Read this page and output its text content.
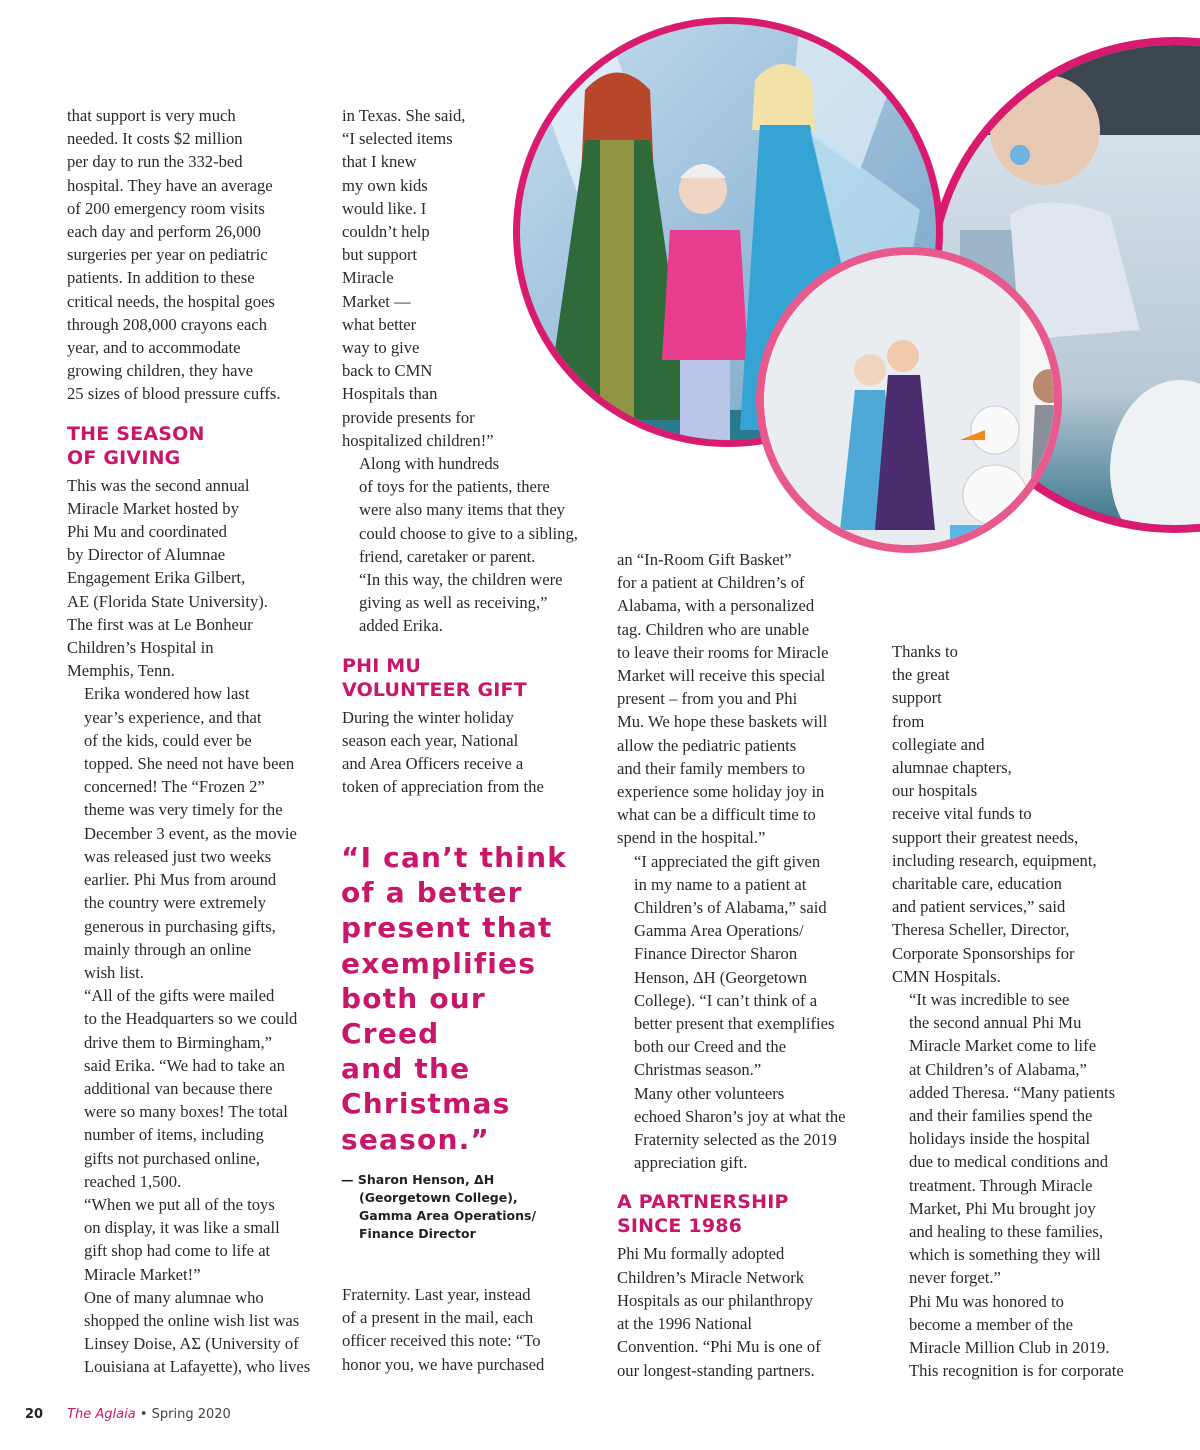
that support is very much
needed. It costs $2 million
per day to run the 332-bed
hospital. They have an average
of 200 emergency room visits
each day and perform 26,000
surgeries per year on pediatric
patients. In addition to these
critical needs, the hospital goes
through 208,000 crayons each
year, and to accommodate
growing children, they have
25 sizes of blood pressure cuffs.

THE SEASON
OF GIVING

This was the second annual
Miracle Market hosted by
Phi Mu and coordinated
by Director of Alumnae
Engagement Erika Gilbert,
AE (Florida State University).
The first was at Le Bonheur
Children’s Hospital in
Memphis, Tenn.

Erika wondered how last
year’s experience, and that
of the kids, could ever be
topped. She need not have been
concerned! The “Frozen 2”
theme was very timely for the
December 3 event, as the movie
was released just two weeks
earlier. Phi Mus from around
the country were extremely
generous in purchasing gifts,
mainly through an online
wish list.

“All of the gifts were mailed
to the Headquarters so we could
drive them to Birmingham,”
said Erika. “We had to take an
additional van because there
were so many boxes! The total
number of items, including
gifts not purchased online,
reached 1,500.

“When we put all of the toys
on display, it was like a small
gift shop had come to life at
Miracle Market!”

One of many alumnae who
shopped the online wish list was
Linsey Doise, AΣ (University of
Louisiana at Lafayette), who lives

in Texas. She said,
“I selected items
that I knew
my own kids
would like. I
couldn’t help
but support
Miracle
Market —
what better
way to give
back to CMN
Hospitals than
provide presents for
hospitalized children!”

Along with hundreds
of toys for the patients, there
were also many items that they
could choose to give to a sibling,
friend, caretaker or parent.
“In this way, the children were
giving as well as receiving,”
added Erika.

PHI MU
VOLUNTEER GIFT

During the winter holiday
season each year, National
and Area Officers receive a
token of appreciation from the

“I can’t think
of a better
present that
exemplifies
both our
Creed
and the
Christmas
season.”
— Sharon Henson, ΔH
(Georgetown College),
Gamma Area Operations/
Finance Director

Fraternity. Last year, instead
of a present in the mail, each
officer received this note: “To
honor you, we have purchased

an “In-Room Gift Basket”
for a patient at Children’s of
Alabama, with a personalized
tag. Children who are unable
to leave their rooms for Miracle
Market will receive this special
present – from you and Phi
Mu. We hope these baskets will
allow the pediatric patients
and their family members to
experience some holiday joy in
what can be a difficult time to
spend in the hospital.”

“I appreciated the gift given
in my name to a patient at
Children’s of Alabama,” said
Gamma Area Operations/
Finance Director Sharon
Henson, ΔH (Georgetown
College). “I can’t think of a
better present that exemplifies
both our Creed and the
Christmas season.”

Many other volunteers
echoed Sharon’s joy at what the
Fraternity selected as the 2019
appreciation gift.

A PARTNERSHIP
SINCE 1986

Phi Mu formally adopted
Children’s Miracle Network
Hospitals as our philanthropy
at the 1996 National
Convention. “Phi Mu is one of
our longest-standing partners.

Thanks to
the great
support
from
collegiate and
alumnae chapters,
our hospitals
receive vital funds to
support their greatest needs,
including research, equipment,
charitable care, education
and patient services,” said
Theresa Scheller, Director,
Corporate Sponsorships for
CMN Hospitals.

“It was incredible to see
the second annual Phi Mu
Miracle Market come to life
at Children’s of Alabama,”
added Theresa. “Many patients
and their families spend the
holidays inside the hospital
due to medical conditions and
treatment. Through Miracle
Market, Phi Mu brought joy
and healing to these families,
which is something they will
never forget.”

Phi Mu was honored to
become a member of the
Miracle Million Club in 2019.
This recognition is for corporate

20 The Aglaia • Spring 2020
